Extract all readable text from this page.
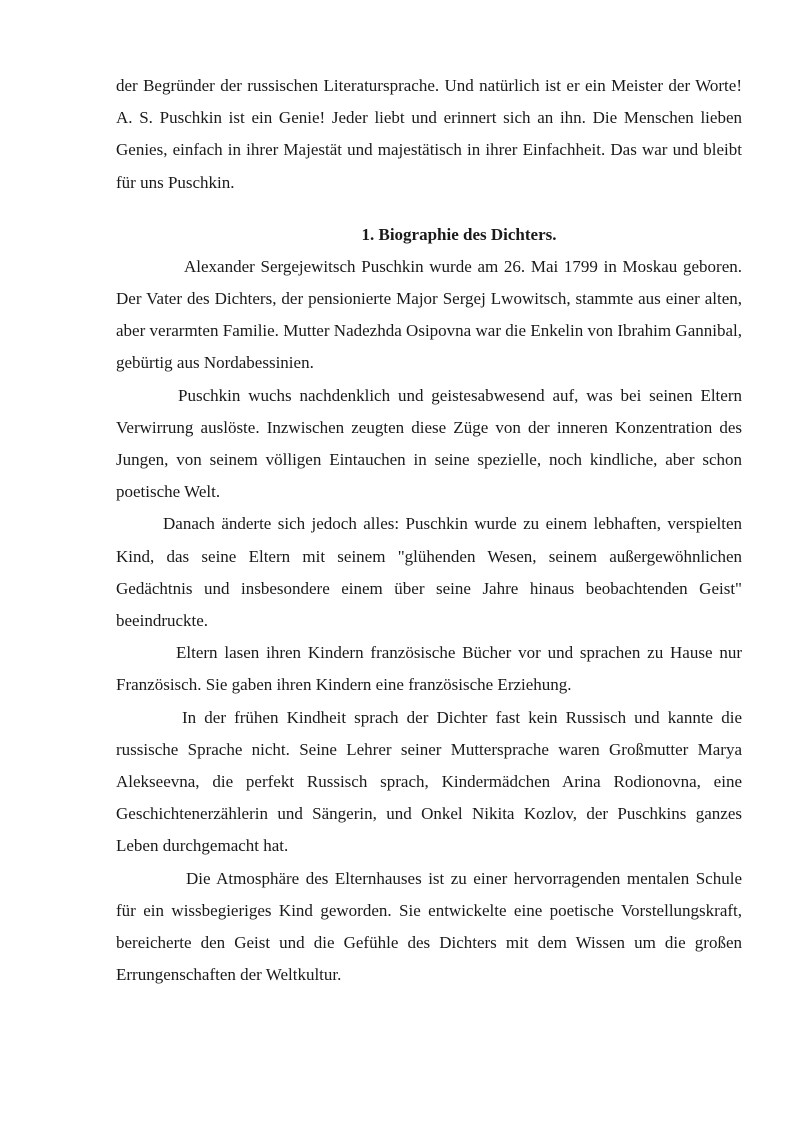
der Begründer der russischen Literatursprache. Und natürlich ist er ein Meister der Worte! A. S. Puschkin ist ein Genie! Jeder liebt und erinnert sich an ihn. Die Menschen lieben Genies, einfach in ihrer Majestät und majestätisch in ihrer Einfachheit. Das war und bleibt für uns Puschkin.

1. Biographie des Dichters.

Alexander Sergejewitsch Puschkin wurde am 26. Mai 1799 in Moskau geboren. Der Vater des Dichters, der pensionierte Major Sergej Lwowitsch, stammte aus einer alten, aber verarmten Familie. Mutter Nadezhda Osipovna war die Enkelin von Ibrahim Gannibal, gebürtig aus Nordabessinien.

Puschkin wuchs nachdenklich und geistesabwesend auf, was bei seinen Eltern Verwirrung auslöste. Inzwischen zeugten diese Züge von der inneren Konzentration des Jungen, von seinem völligen Eintauchen in seine spezielle, noch kindliche, aber schon poetische Welt.

Danach änderte sich jedoch alles: Puschkin wurde zu einem lebhaften, verspielten Kind, das seine Eltern mit seinem "glühenden Wesen, seinem außergewöhnlichen Gedächtnis und insbesondere einem über seine Jahre hinaus beobachtenden Geist" beeindruckte.

Eltern lasen ihren Kindern französische Bücher vor und sprachen zu Hause nur Französisch. Sie gaben ihren Kindern eine französische Erziehung.

In der frühen Kindheit sprach der Dichter fast kein Russisch und kannte die russische Sprache nicht. Seine Lehrer seiner Muttersprache waren Großmutter Marya Alekseevna, die perfekt Russisch sprach, Kindermädchen Arina Rodionovna, eine Geschichtenerzählerin und Sängerin, und Onkel Nikita Kozlov, der Puschkins ganzes Leben durchgemacht hat.

Die Atmosphäre des Elternhauses ist zu einer hervorragenden mentalen Schule für ein wissbegieriges Kind geworden. Sie entwickelte eine poetische Vorstellungskraft, bereicherte den Geist und die Gefühle des Dichters mit dem Wissen um die großen Errungenschaften der Weltkultur.
